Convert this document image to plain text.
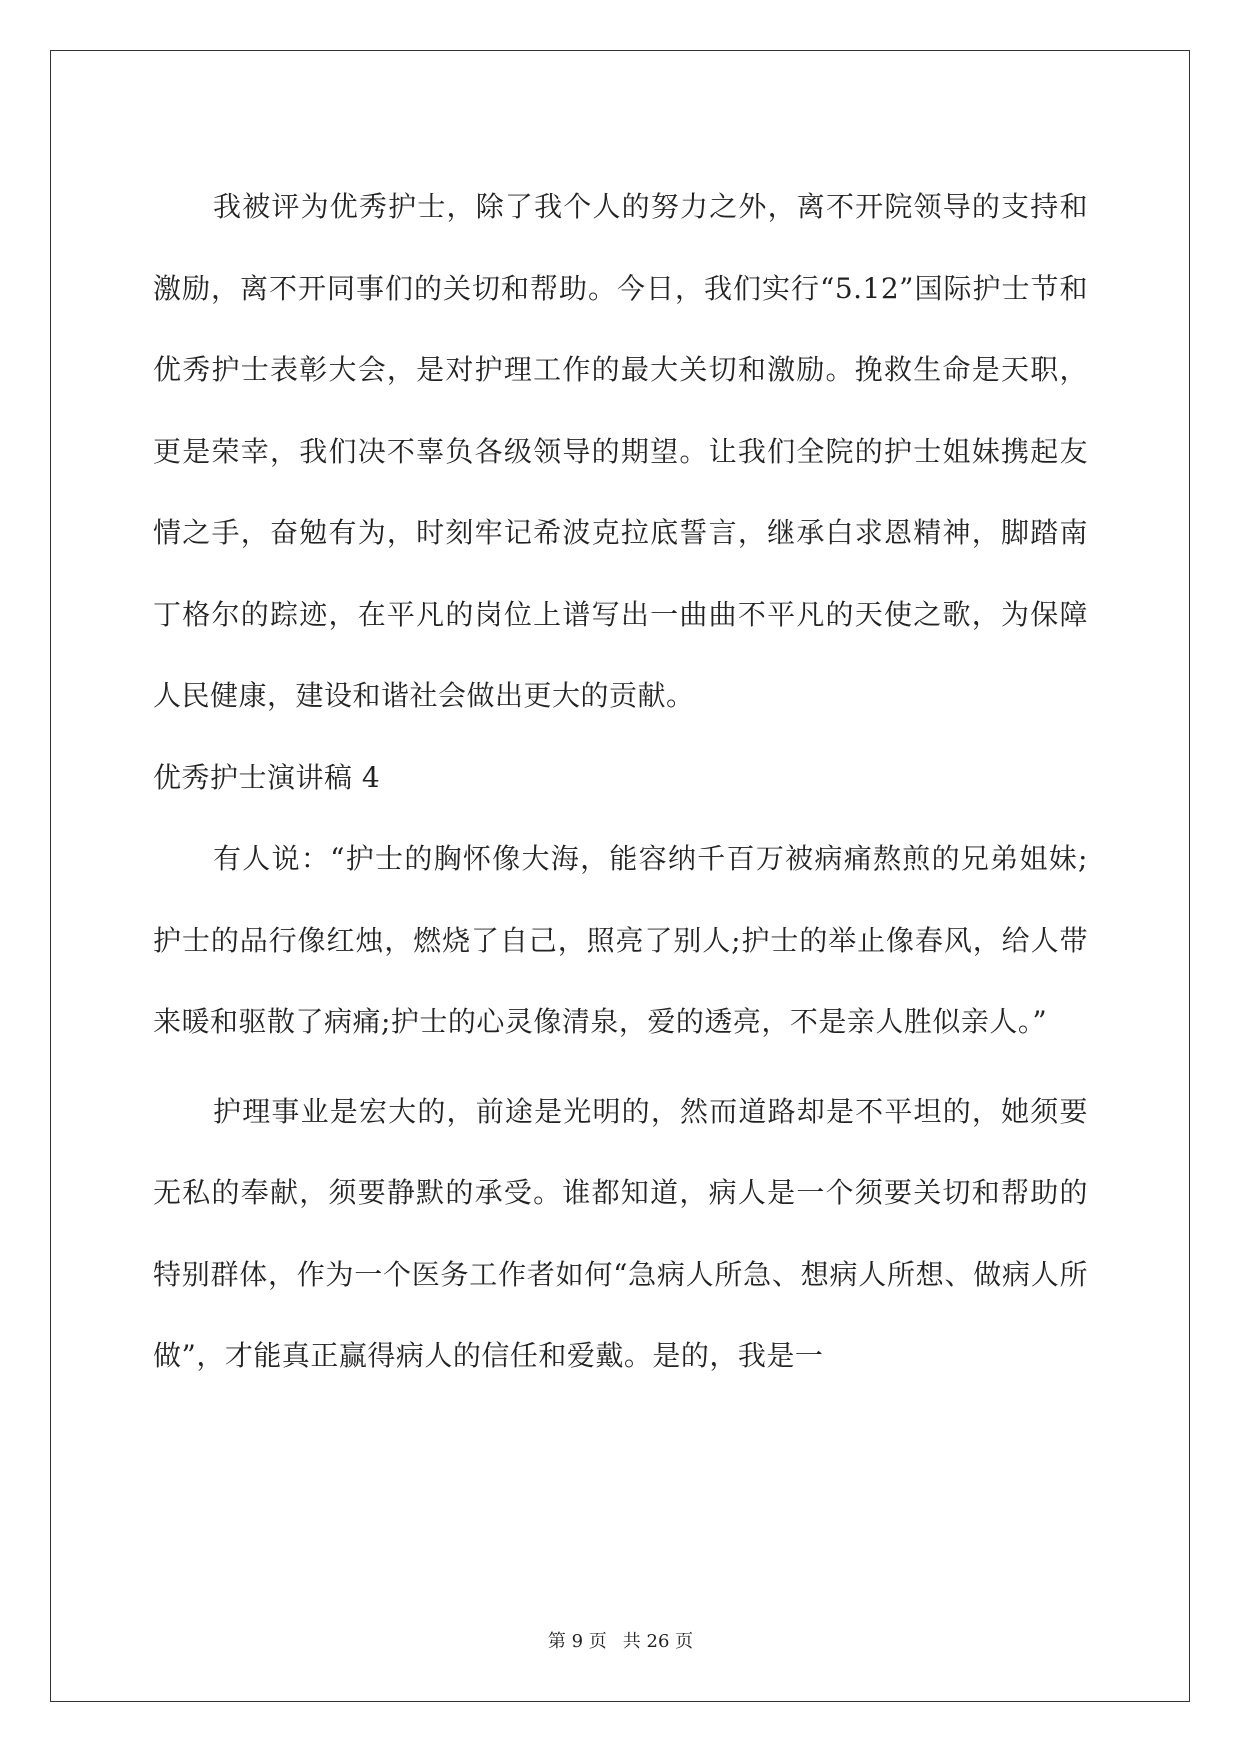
我被评为优秀护士，除了我个人的努力之外，离不开院领导的支持和激励，离不开同事们的关切和帮助。今日，我们实行“5.12”国际护士节和优秀护士表彰大会，是对护理工作的最大关切和激励。挽救生命是天职，更是荣幸，我们决不辜负各级领导的期望。让我们全院的护士姐妹携起友情之手，奋勉有为，时刻牢记希波克拉底誓言，继承白求恩精神，脚踏南丁格尔的踪迹，在平凡的岗位上谱写出一曲曲不平凡的天使之歌，为保障人民健康，建设和谐社会做出更大的贡献。

优秀护士演讲稿 4

有人说：“护士的胸怀像大海，能容纳千百万被病痛熬煎的兄弟姐妹;护士的品行像红烛，燃烧了自己，照亮了别人;护士的举止像春风，给人带来暖和驱散了病痛;护士的心灵像清泉，爱的透亮，不是亲人胜似亲人。”

护理事业是宏大的，前途是光明的，然而道路却是不平坦的，她须要无私的奉献，须要静默的承受。谁都知道，病人是一个须要关切和帮助的特别群体，作为一个医务工作者如何“急病人所急、想病人所想、做病人所做”，才能真正赢得病人的信任和爱戴。是的，我是一

第 9 页 共 26 页
